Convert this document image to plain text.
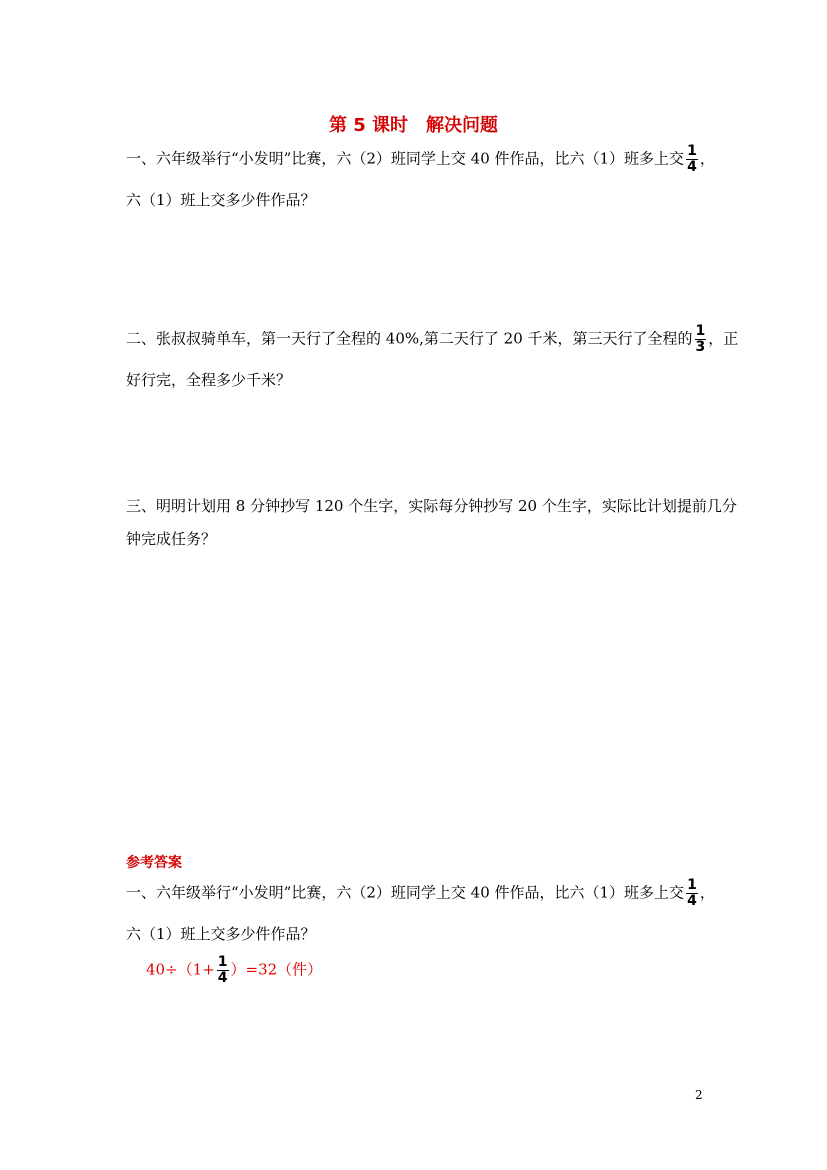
第 5 课时　解决问题
一、六年级举行“小发明”比赛，六（2）班同学上交 40 件作品，比六（1）班多上交 $\frac{1}{4}$ ，
六（1）班上交多少件作品？
二、张叔叔骑单车，第一天行了全程的 40%,第二天行了 20 千米，第三天行了全程的 $\frac{1}{3}$ ，正
好行完，全程多少千米？
三、明明计划用 8 分钟抄写 120 个生字，实际每分钟抄写 20 个生字，实际比计划提前几分
钟完成任务？
参考答案
一、六年级举行“小发明”比赛，六（2）班同学上交 40 件作品，比六（1）班多上交 $\frac{1}{4}$ ，
六（1）班上交多少件作品？
$40\div(1+ \frac{1}{4} )=32$（件）
2
